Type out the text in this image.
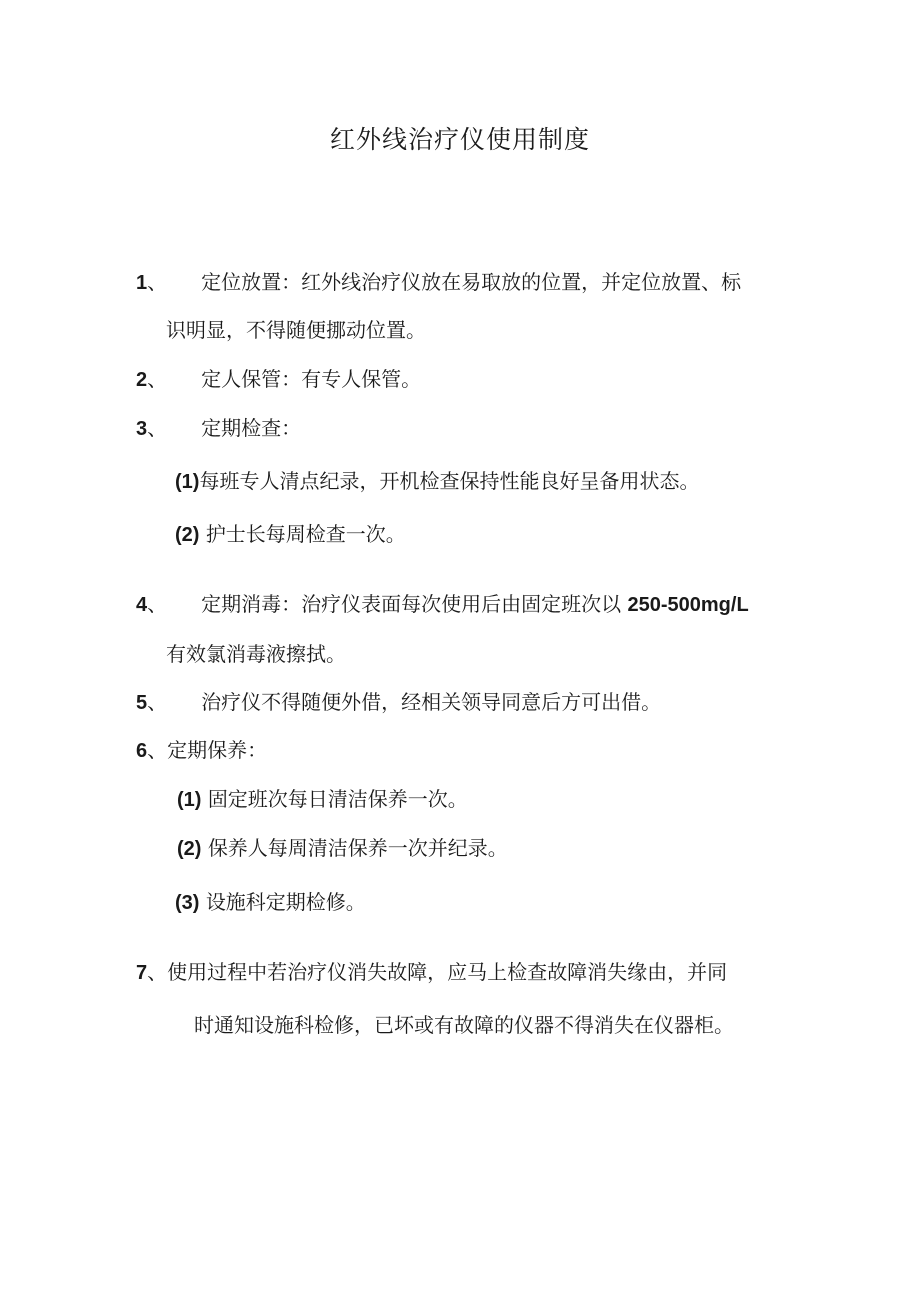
红外线治疗仪使用制度
1、 定位放置：红外线治疗仪放在易取放的位置，并定位放置、标
识明显，不得随便挪动位置。
2、 定人保管：有专人保管。
3、 定期检查：
(1)每班专人清点纪录，开机检查保持性能良好呈备用状态。
(2) 护士长每周检查一次。
4、 定期消毒：治疗仪表面每次使用后由固定班次以 250-500mg/L
有效氯消毒液擦拭。
5、 治疗仪不得随便外借，经相关领导同意后方可出借。
6、定期保养：
(1) 固定班次每日清洁保养一次。
(2) 保养人每周清洁保养一次并纪录。
(3) 设施科定期检修。
7、使用过程中若治疗仪消失故障，应马上检查故障消失缘由，并同
时通知设施科检修，已坏或有故障的仪器不得消失在仪器柜。
